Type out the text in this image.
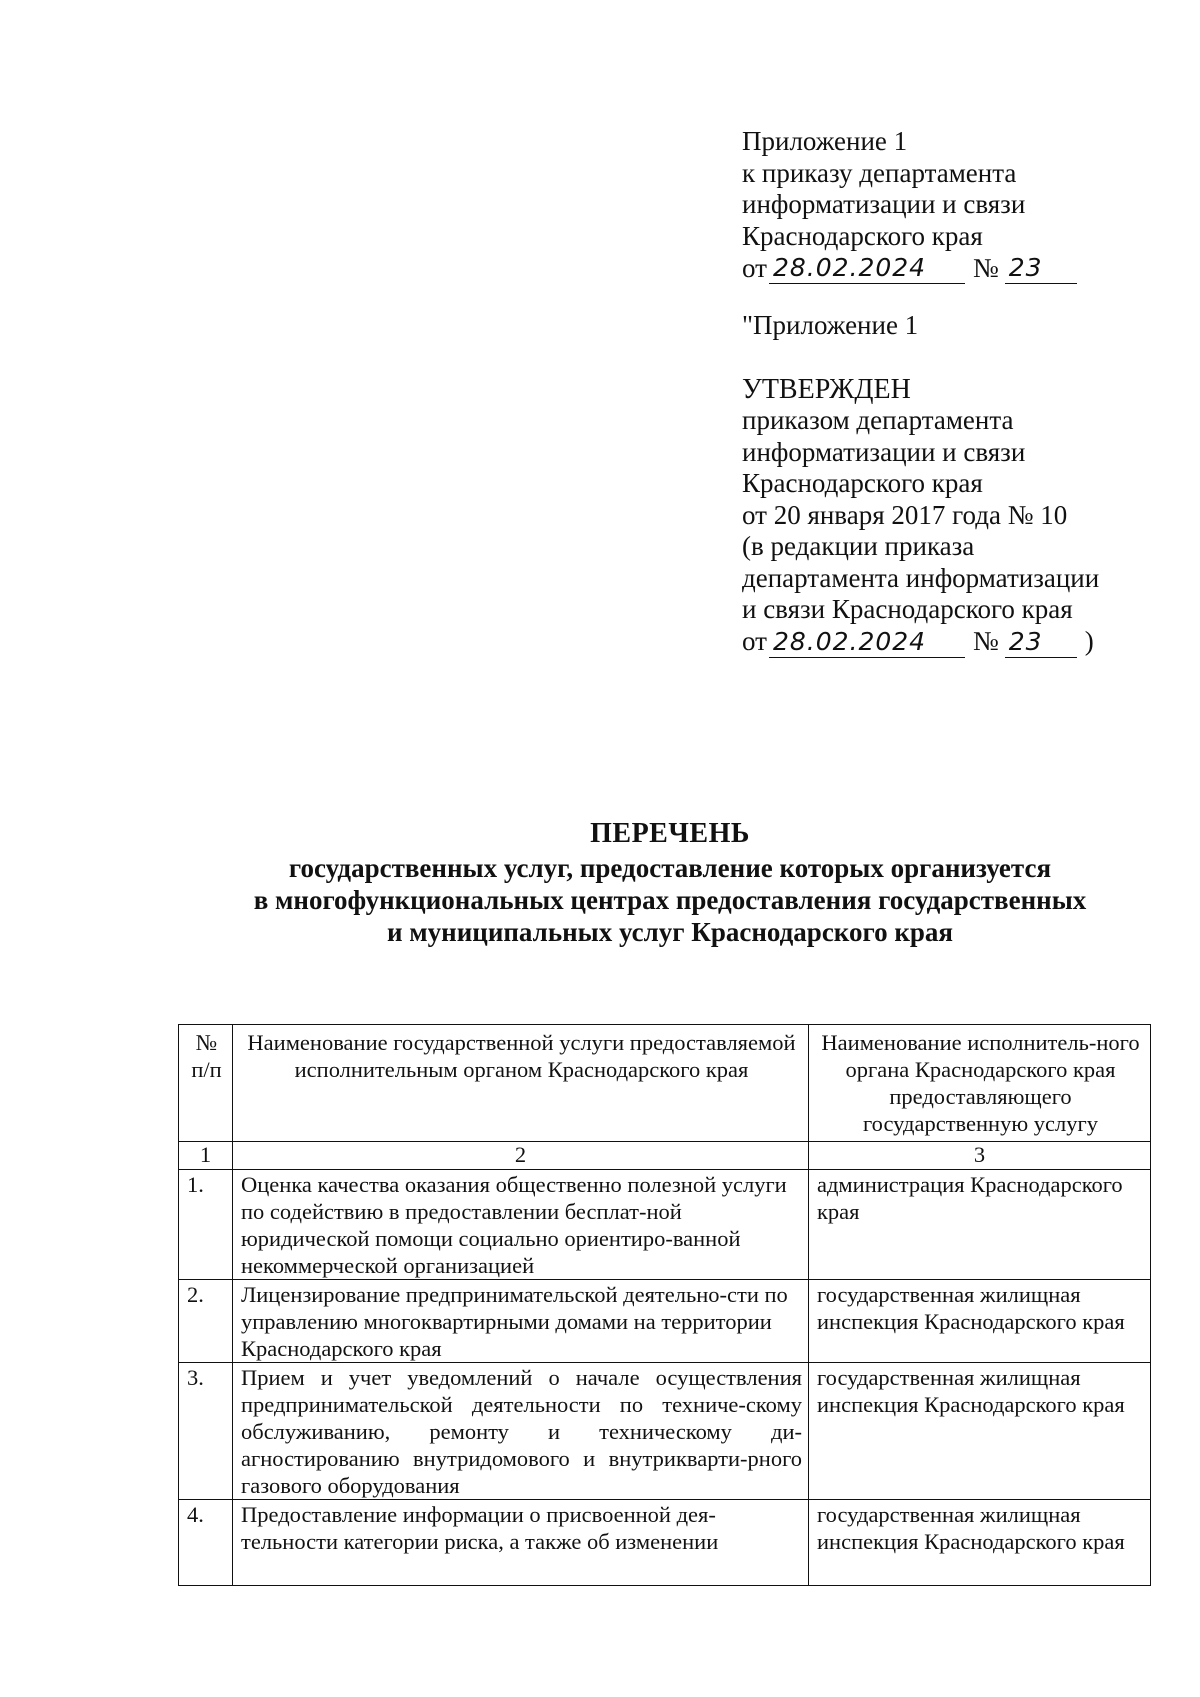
Приложение 1
к приказу департамента
информатизации и связи
Краснодарского края
от 28.02.2024	№ 23
"Приложение 1
УТВЕРЖДЕН
приказом департамента
информатизации и связи
Краснодарского края
от 20 января 2017 года № 10
(в редакции приказа
департамента информатизации
и связи Краснодарского края
от 28.02.2024	№ 23	)
ПЕРЕЧЕНЬ
государственных услуг, предоставление которых организуется
в многофункциональных центрах предоставления государственных
и муниципальных услуг Краснодарского края
№ п/п	Наименование государственной услуги предоставляемой исполнительным органом Краснодарского края	Наименование исполнитель-ного органа Краснодарского края предоставляющего государственную услугу
1	2	3
1.	Оценка качества оказания общественно полезной услуги по содействию в предоставлении бесплат-ной юридической помощи социально ориентиро-ванной некоммерческой организацией	администрация Краснодарского края
2.	Лицензирование предпринимательской деятельно-сти по управлению многоквартирными домами на территории Краснодарского края	государственная жилищная инспекция Краснодарского края
3.	Прием и учет уведомлений о начале осуществления предпринимательской деятельности по техниче-скому обслуживанию, ремонту и техническому ди-агностированию внутридомового и внутрикварти-рного газового оборудования	государственная жилищная инспекция Краснодарского края
4.	Предоставление информации о присвоенной дея-тельности категории риска, а также об изменении	государственная жилищная инспекция Краснодарского края
